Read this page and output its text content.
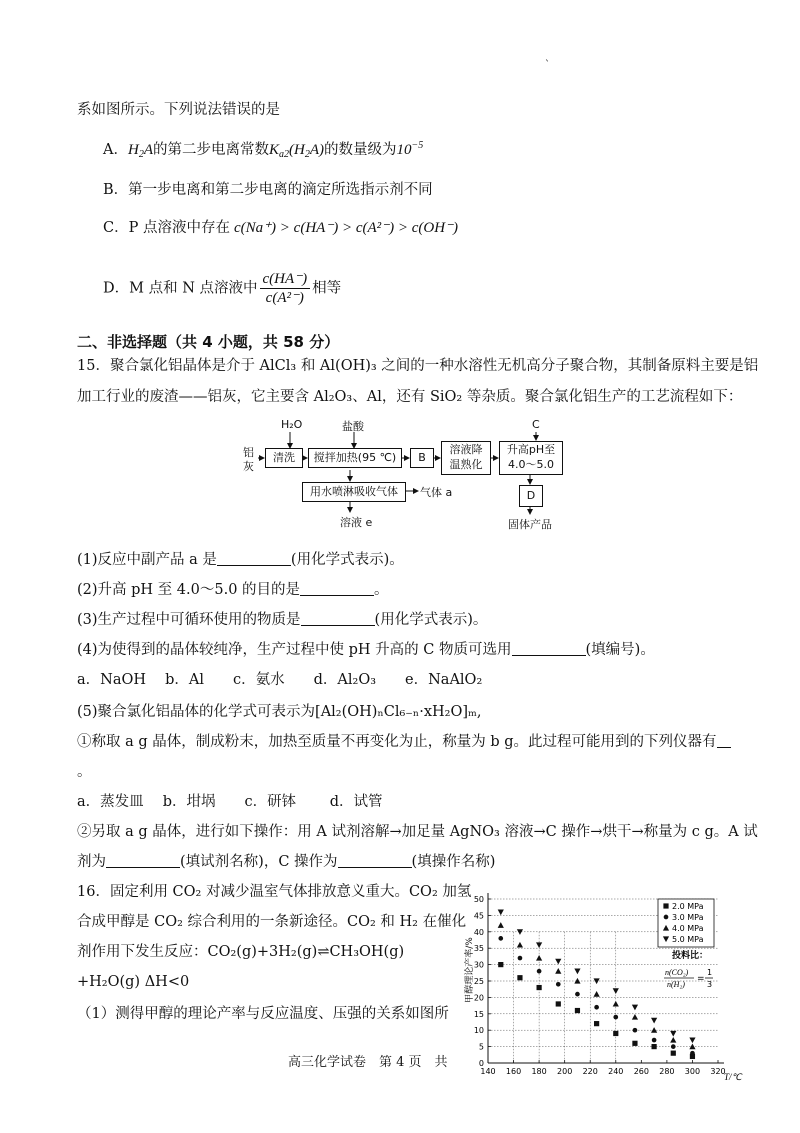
`
系如图所示。下列说法错误的是
A．$H_2A$的第二步电离常数$K_{a2}(H_2A)$的数量级为$10^{-5}$
B．第一步电离和第二步电离的滴定所选指示剂不同
C．P 点溶液中存在 c(Na⁺) > c(HA⁻) > c(A²⁻) > c(OH⁻)
D．M 点和 N 点溶液中 $\frac{c(HA^-)}{\text{c(A²⁻)}}$ 相等
二、非选择题（共 4 小题，共 58 分）
15．聚合氯化铝晶体是介于 AlCl₃ 和 Al(OH)₃ 之间的一种水溶性无机高分子聚合物，其制备原料主要是铝
加工行业的废渣——铝灰，它主要含 Al₂O₃、Al，还有 SiO₂ 等杂质。聚合氯化铝生产的工艺流程如下：
H₂O	盐酸	C
铝
灰
清洗	搅拌加热(95 ℃)	B
溶液降
温熟化
升高pH至
4.0～5.0
用水喷淋吸收气体	气体 a
溶液 e
D
固体产品
(1)反应中副产品 a 是	(用化学式表示)。
(2)升高 pH 至 4.0～5.0 的目的是	。
(3)生产过程中可循环使用的物质是	(用化学式表示)。
(4)为使得到的晶体较纯净，生产过程中使 pH 升高的 C 物质可选用	(填编号)。
a．NaOH　 b．Al　　c．氨水　　d．Al₂O₃　　e．NaAlO₂
(5)聚合氯化铝晶体的化学式可表示为[Al₂(OH)ₙCl₆₋ₙ·xH₂O]ₘ,
①称取 a g 晶体，制成粉末，加热至质量不再变化为止，称量为 b g。此过程可能用到的下列仪器有
。
a．蒸发皿　 b．坩埚　　c．研钵　　 d．试管
②另取 a g 晶体，进行如下操作：用 A 试剂溶解→加足量 AgNO₃ 溶液→C 操作→烘干→称量为 c g。A 试
剂为	(填试剂名称)，C 操作为	(填操作名称)
16．固定利用 CO₂ 对减少温室气体排放意义重大。CO₂ 加氢
合成甲醇是 CO₂ 综合利用的一条新途径。CO₂ 和 H₂ 在催化
剂作用下发生反应：CO₂(g)+3H₂(g)⇌CH₃OH(g)
+H₂O(g) ΔH<0
（1）测得甲醇的理论产率与反应温度、压强的关系如图所
0
5
10
15
20
25
30
35
40
45
50
140 160 180 200 220 240 260 280 300 320
甲醇理论产率/%
T/℃
2.0 MPa
3.0 MPa
4.0 MPa
5.0 MPa
投料比：
n(CO₂)
n(H₂)
=
1
3
高三化学试卷　第 4 页　共
